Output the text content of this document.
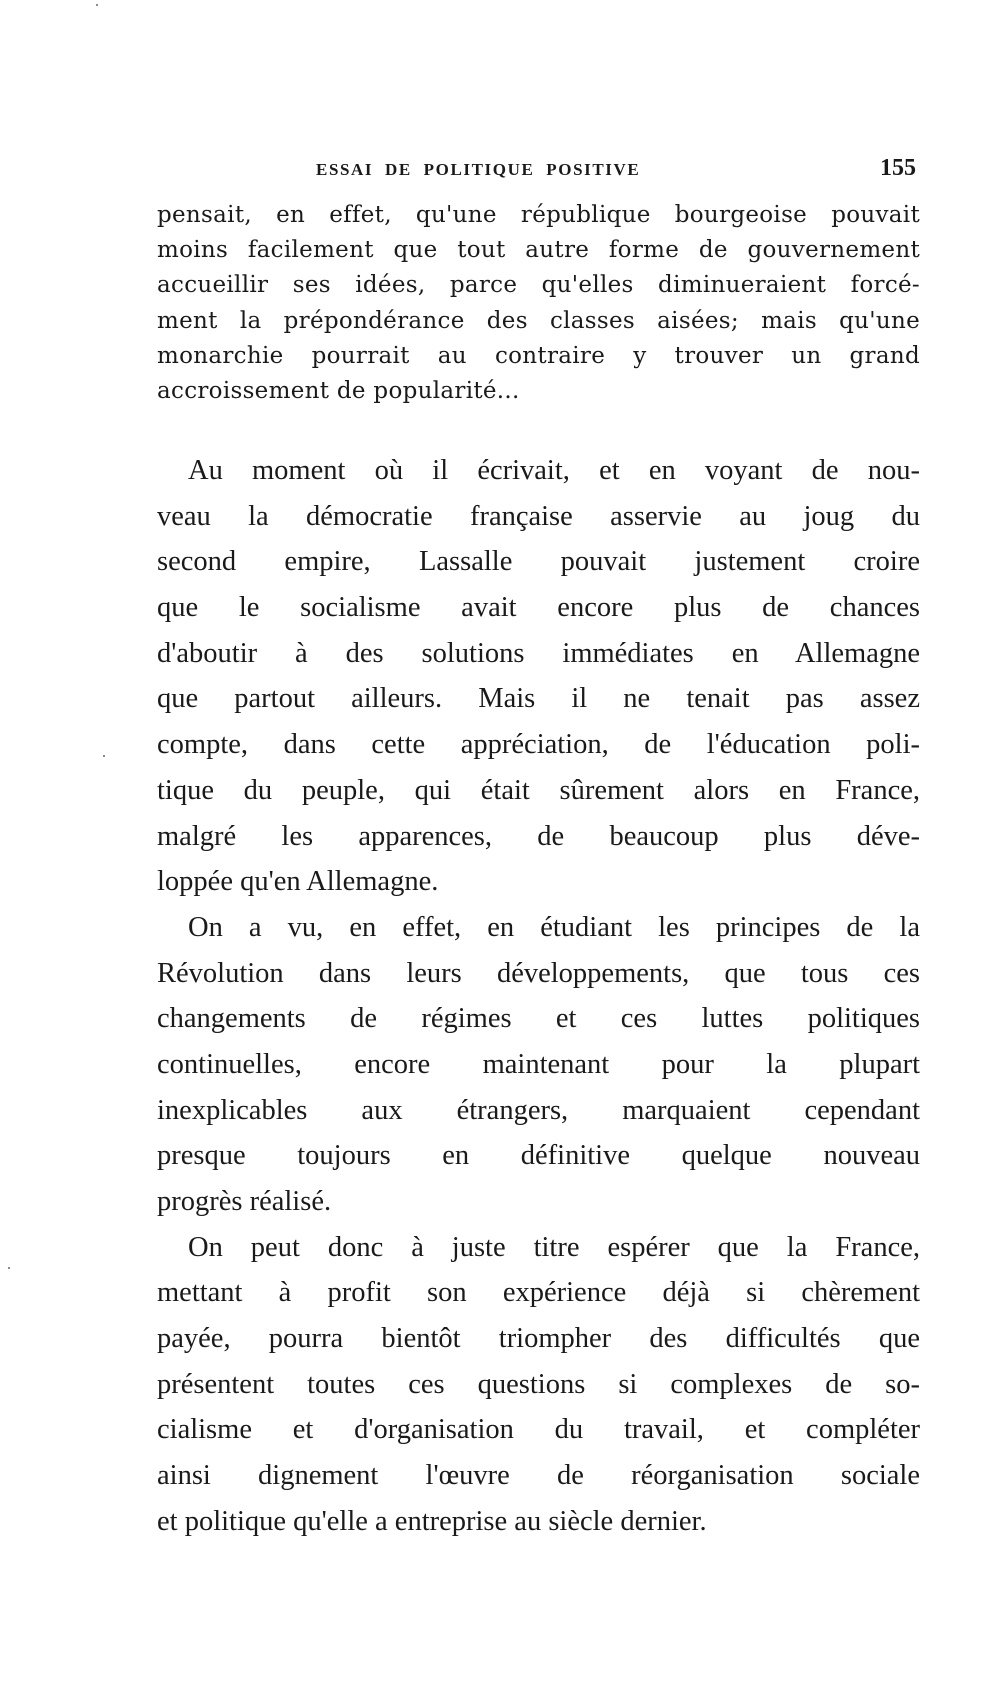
ESSAI DE POLITIQUE POSITIVE	155
pensait, en effet, qu'une république bourgeoise pouvait
moins facilement que tout autre forme de gouvernement
accueillir ses idées, parce qu'elles diminueraient forcé-
ment la prépondérance des classes aisées; mais qu'une
monarchie pourrait au contraire y trouver un grand
accroissement de popularité...
Au moment où il écrivait, et en voyant de nou-
veau la démocratie française asservie au joug du
second empire, Lassalle pouvait justement croire
que le socialisme avait encore plus de chances
d'aboutir à des solutions immédiates en Allemagne
que partout ailleurs. Mais il ne tenait pas assez
compte, dans cette appréciation, de l'éducation poli-
tique du peuple, qui était sûrement alors en France,
malgré les apparences, de beaucoup plus déve-
loppée qu'en Allemagne.
On a vu, en effet, en étudiant les principes de la
Révolution dans leurs développements, que tous ces
changements de régimes et ces luttes politiques
continuelles, encore maintenant pour la plupart
inexplicables aux étrangers, marquaient cependant
presque toujours en définitive quelque nouveau
progrès réalisé.
On peut donc à juste titre espérer que la France,
mettant à profit son expérience déjà si chèrement
payée, pourra bientôt triompher des difficultés que
présentent toutes ces questions si complexes de so-
cialisme et d'organisation du travail, et compléter
ainsi dignement l'œuvre de réorganisation sociale
et politique qu'elle a entreprise au siècle dernier.
